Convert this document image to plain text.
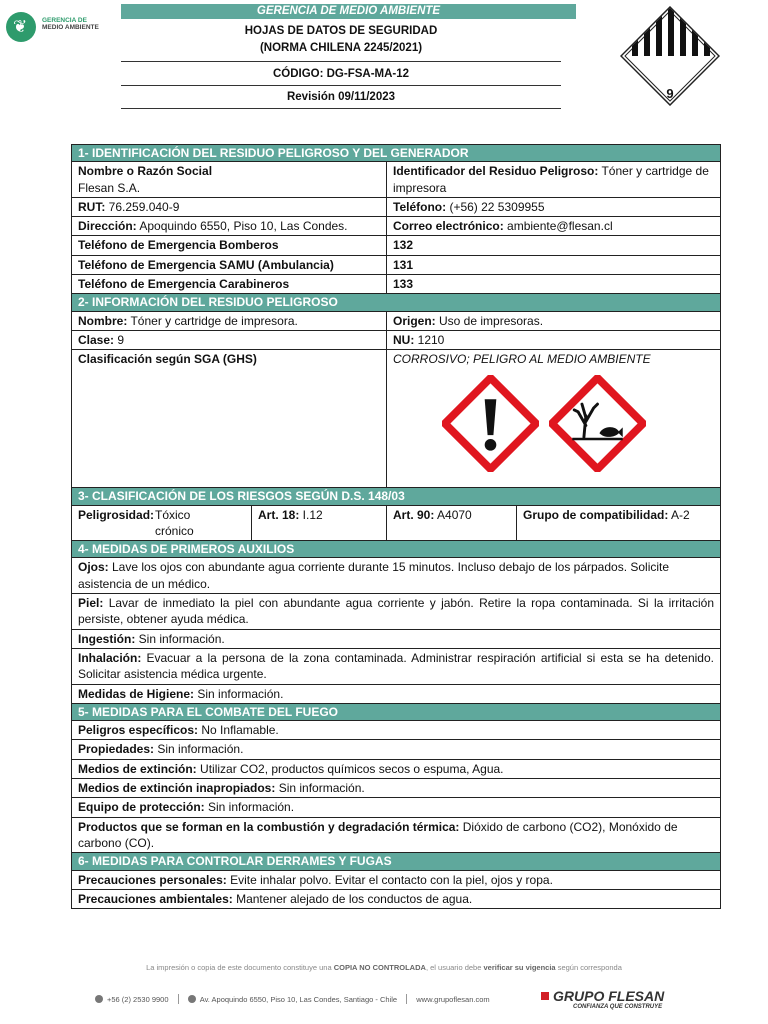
❦ GERENCIA DE
MEDIO AMBIENTE
GERENCIA DE MEDIO AMBIENTE
HOJAS DE DATOS DE SEGURIDAD
(NORMA CHILENA 2245/2021)
CÓDIGO: DG-FSA-MA-12
Revisión 09/11/2023	9
1- IDENTIFICACIÓN DEL RESIDUO PELIGROSO Y DEL GENERADOR			

Nombre o Razón Social
Flesan S.A.		Identificador del Residuo Peligroso: Tóner y cartridge de impresora	
RUT: 76.259.040-9		Teléfono: (+56) 22 5309955	
Dirección: Apoquindo 6550, Piso 10, Las Condes.		Correo electrónico: ambiente@flesan.cl	
Teléfono de Emergencia Bomberos		132	
Teléfono de Emergencia SAMU (Ambulancia)		131	
Teléfono de Emergencia Carabineros		133	
2- INFORMACIÓN DEL RESIDUO PELIGROSO			
Nombre: Tóner y cartridge de impresora.		Origen: Uso de impresoras.	
Clase: 9		NU: 1210	
Clasificación según SGA (GHS)		CORROSIVO; PELIGRO AL MEDIO AMBIENTE	

3- CLASIFICACIÓN DE LOS RIESGOS SEGÚN D.S. 148/03			

Peligrosidad: Tóxico crónico	Art. 18: I.12	Art. 90: A4070	Grupo de compatibilidad: A-2
4- MEDIDAS DE PRIMEROS AUXILIOS			
Ojos: Lave los ojos con abundante agua corriente durante 15 minutos. Incluso debajo de los párpados. Solicite asistencia de un médico.			
Piel: Lavar de inmediato la piel con abundante agua corriente y jabón. Retire la ropa contaminada. Si la irritación persiste, obtener ayuda médica.			
Ingestión: Sin información.			
Inhalación: Evacuar a la persona de la zona contaminada. Administrar respiración artificial si esta se ha detenido. Solicitar asistencia médica urgente.			
Medidas de Higiene: Sin información.			
5- MEDIDAS PARA EL COMBATE DEL FUEGO			
Peligros específicos: No Inflamable.			
Propiedades: Sin información.			
Medios de extinción: Utilizar CO2, productos químicos secos o espuma, Agua.			
Medios de extinción inapropiados: Sin información.			
Equipo de protección: Sin información.			
Productos que se forman en la combustión y degradación térmica: Dióxido de carbono (CO2), Monóxido de carbono (CO).			
6- MEDIDAS PARA CONTROLAR DERRAMES Y FUGAS			
Precauciones personales: Evite inhalar polvo. Evitar el contacto con la piel, ojos y ropa.			
Precauciones ambientales: Mantener alejado de los conductos de agua.			
La impresión o copia de este documento constituye una COPIA NO CONTROLADA, el usuario debe verificar su vigencia según corresponda
+56 (2) 2530 9900	Av. Apoquindo 6550, Piso 10, Las Condes, Santiago - Chile	www.grupoflesan.com	GRUPO FLESAN
CONFIANZA QUE CONSTRUYE
